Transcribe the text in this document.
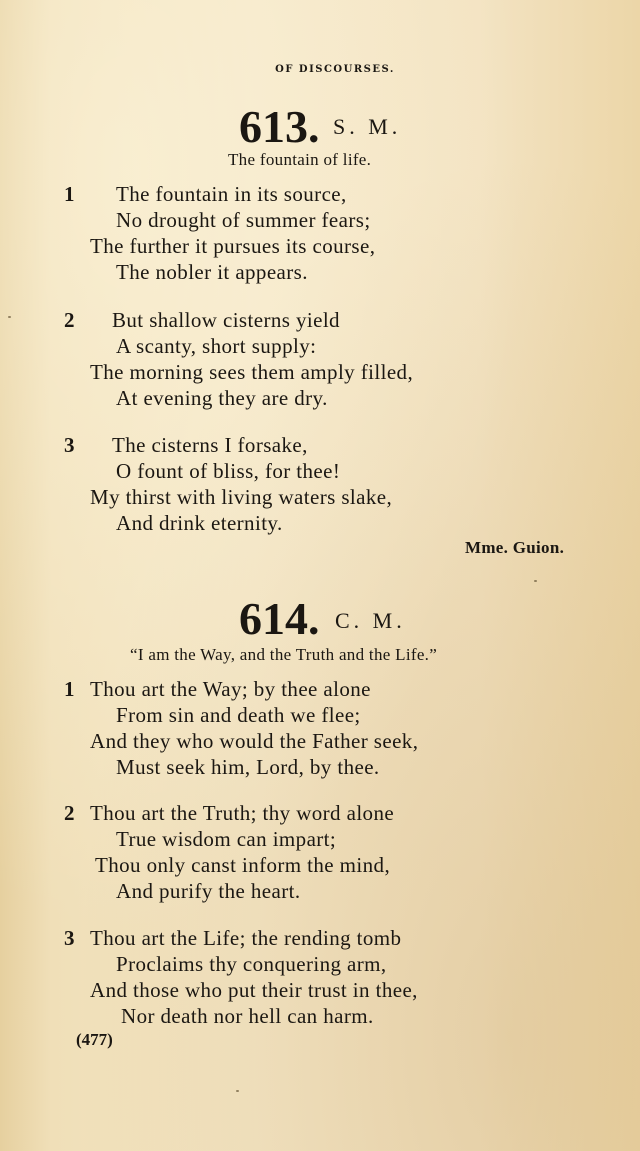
OF DISCOURSES.
613. S. M.
The fountain of life.
1 The fountain in its source,
No drought of summer fears;
The further it pursues its course,
The nobler it appears.
2 But shallow cisterns yield
A scanty, short supply:
The morning sees them amply filled,
At evening they are dry.
3 The cisterns I forsake,
O fount of bliss, for thee!
My thirst with living waters slake,
And drink eternity.
Mme. Guion.
614. C. M.
“I am the Way, and the Truth and the Life.”
1 Thou art the Way; by thee alone
From sin and death we flee;
And they who would the Father seek,
Must seek him, Lord, by thee.
2 Thou art the Truth; thy word alone
True wisdom can impart;
Thou only canst inform the mind,
And purify the heart.
3 Thou art the Life; the rending tomb
Proclaims thy conquering arm,
And those who put their trust in thee,
Nor death nor hell can harm.
(477)
